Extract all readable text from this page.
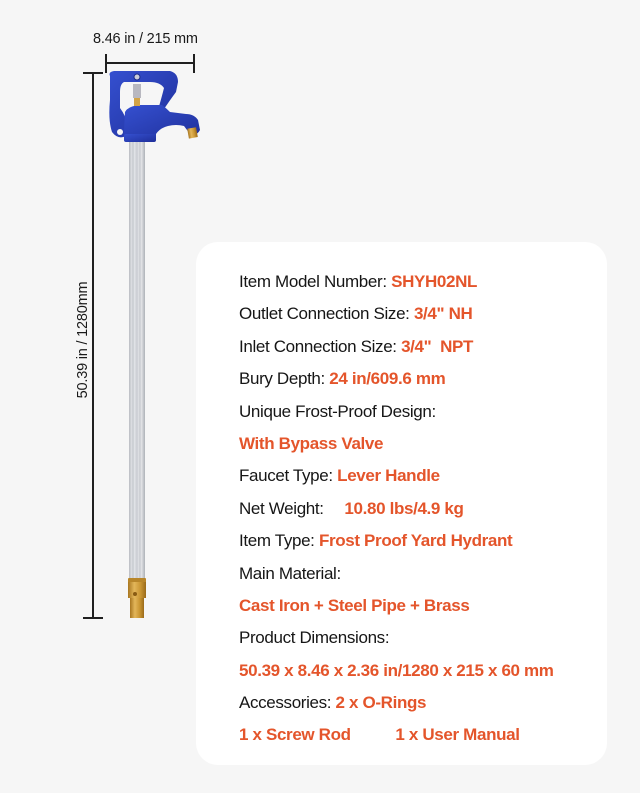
8.46 in / 215 mm
50.39 in / 1280mm
Item Model Number: SHYH02NL
Outlet Connection Size: 3/4" NH
Inlet Connection Size: 3/4"  NPT
Bury Depth: 24 in/609.6 mm
Unique Frost-Proof Design:
With Bypass Valve
Faucet Type: Lever Handle
Net Weight: 10.80 lbs/4.9 kg
Item Type: Frost Proof Yard Hydrant
Main Material:
Cast Iron + Steel Pipe + Brass
Product Dimensions:
50.39 x 8.46 x 2.36 in/1280 x 215 x 60 mm
Accessories: 2 x O-Rings
1 x Screw Rod	1 x User Manual
